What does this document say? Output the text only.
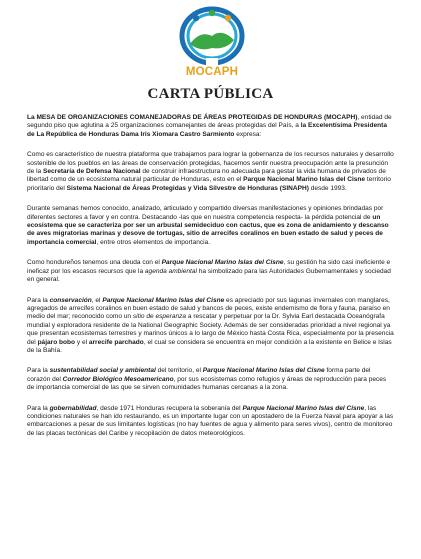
MOCAPH
CARTA PÚBLICA

La MESA DE ORGANIZACIONES COMANEJADORAS DE ÁREAS PROTEGIDAS DE HONDURAS (MOCAPH), entidad de segundo piso que aglutina a 25 organizaciones comanejantes de áreas protegidas del País, a la Excelentísima Presidenta de La República de Honduras Dama Iris Xiomara Castro Sarmiento expresa:

Como es característico de nuestra plataforma que trabajamos para lograr la gobernanza de los recursos naturales y desarrollo sostenible de los pueblos en las áreas de conservación protegidas, hacemos sentir nuestra preocupación ante la presunción de la Secretaría de Defensa Nacional de construir infraestructura no adecuada para gestar la vida humana de privados de libertad como de un ecosistema natural particular de Honduras, esto en el Parque Nacional Marino Islas del Cisne territorio prioritario del Sistema Nacional de Áreas Protegidas y Vida Silvestre de Honduras (SINAPH) desde 1993.

Durante semanas hemos conocido, analizado, articulado y compartido diversas manifestaciones y opiniones brindadas por diferentes sectores a favor y en contra. Destacando -las que en nuestra competencia respecta- la pérdida potencial de un ecosistema que se caracteriza por ser un arbustal semideciduo con cactus, que es zona de anidamiento y descanso de aves migratorias marinas y desove de tortugas, sitio de arrecifes coralinos en buen estado de salud y peces de importancia comercial, entre otros elementos de importancia.

Como hondureños tenemos una deuda con el Parque Nacional Marino Islas del Cisne, su gestión ha sido casi ineficiente e ineficaz por los escasos recursos que la agenda ambiental ha simbolizado para las Autoridades Gubernamentales y sociedad en general.

Para la conservación, el Parque Nacional Marino Islas del Cisne es apreciado por sus lagunas invernales con manglares, agregados de arrecifes coralinos en buen estado de salud y bancos de peces, existe endemismo de flora y fauna, paraíso en medio del mar; reconocido como un sitio de esperanza a rescatar y perpetuar por la Dr. Sylvia Earl destacada Oceanógrafa mundial y exploradora residente de la National Geographic Society. Además de ser consideradas prioridad a nivel regional ya que presentan ecosistemas terrestres y marinos únicos a lo largo de México hasta Costa Rica, especialmente por la presencia del pájaro bobo y el arrecife parchado, el cual se considera se encuentra en mejor condición a la existente en Belice e Islas de la Bahía.

Para la sustentabilidad social y ambiental del territorio, el Parque Nacional Marino Islas del Cisne forma parte del corazón del Corredor Biológico Mesoamericano, por sus ecosistemas como refugios y áreas de reproducción para peces de importancia comercial de las que se sirven comunidades humanas cercanas a la zona.

Para la gobernabilidad, desde 1971 Honduras recupera la soberanía del Parque Nacional Marino Islas del Cisne, las condiciones naturales se han ido restaurando, es un importante lugar con un apostadero de la Fuerza Naval para apoyar a las embarcaciones a pesar de sus limitantes logísticas (no hay fuentes de agua y alimento para seres vivos), centro de monitoreo de las placas tectónicas del Caribe y recopilación de datos meteorológicos.
